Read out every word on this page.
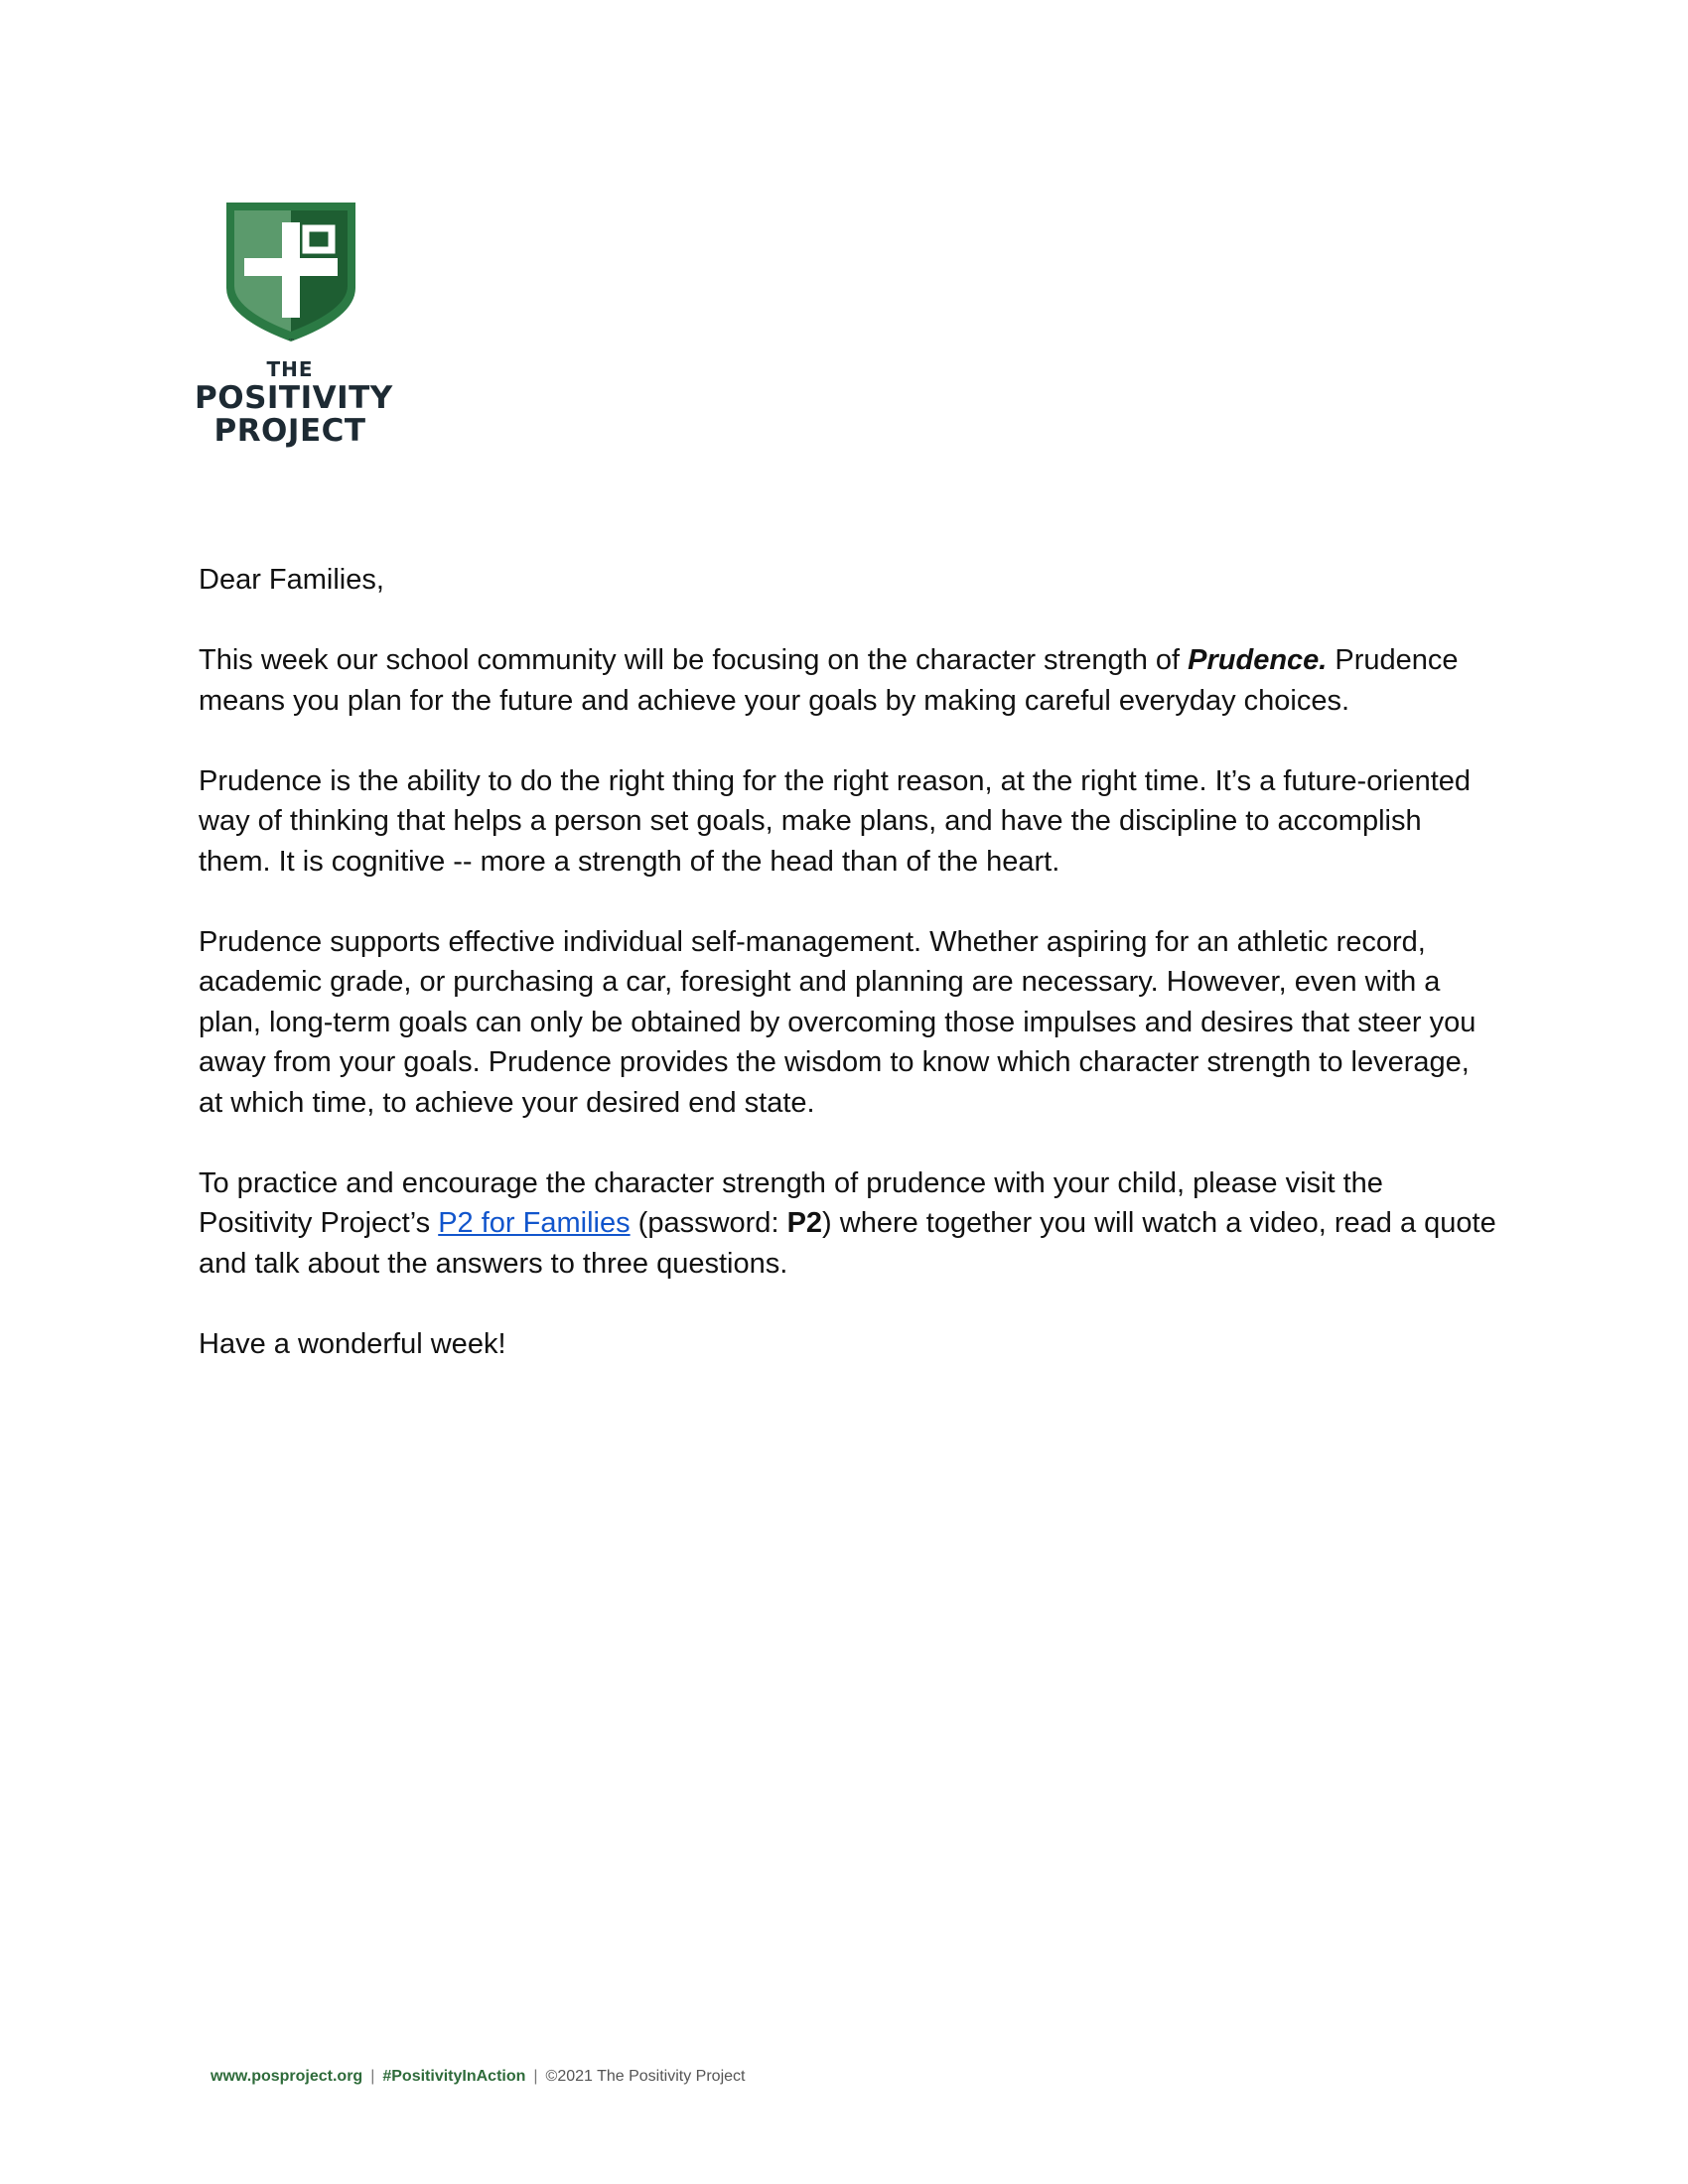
™
THE
POSITIVITY
PROJECT

Dear Families,

This week our school community will be focusing on the character strength of Prudence. Prudence means you plan for the future and achieve your goals by making careful everyday choices.

Prudence is the ability to do the right thing for the right reason, at the right time. It’s a future-oriented way of thinking that helps a person set goals, make plans, and have the discipline to accomplish them. It is cognitive -- more a strength of the head than of the heart.

Prudence supports effective individual self-management. Whether aspiring for an athletic record, academic grade, or purchasing a car, foresight and planning are necessary. However, even with a plan, long-term goals can only be obtained by overcoming those impulses and desires that steer you away from your goals. Prudence provides the wisdom to know which character strength to leverage, at which time, to achieve your desired end state.

To practice and encourage the character strength of prudence with your child, please visit the Positivity Project’s P2 for Families (password: P2) where together you will watch a video, read a quote and talk about the answers to three questions.

Have a wonderful week!

www.posproject.org | #PositivityInAction | ©2021 The Positivity Project
